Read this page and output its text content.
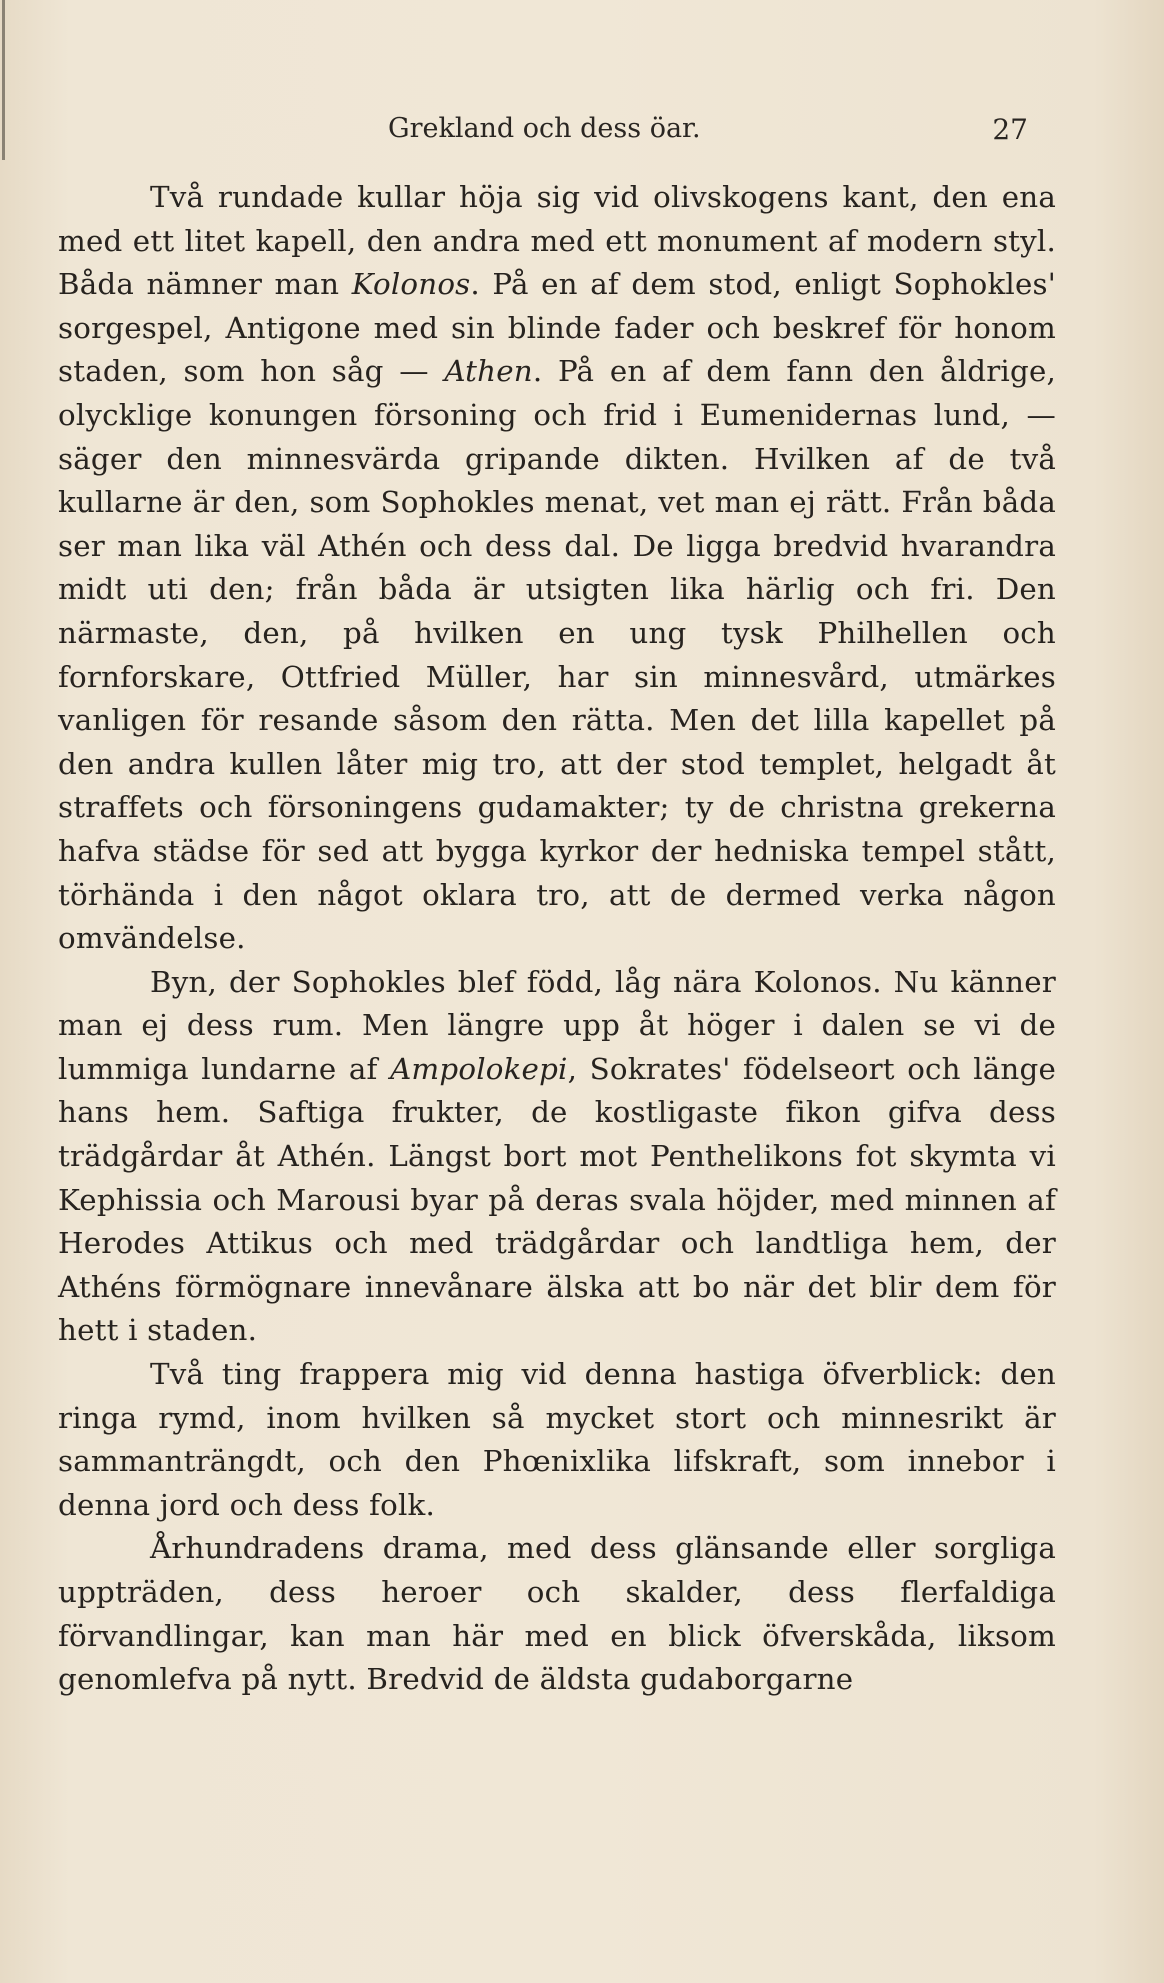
Grekland och dess öar.	27

Två rundade kullar höja sig vid olivskogens kant, den ena med ett litet kapell, den andra med ett monument af modern styl. Båda nämner man Kolonos. På en af dem stod, enligt Sophokles' sorgespel, Antigone med sin blinde fader och beskref för honom staden, som hon såg — Athen. På en af dem fann den åldrige, olycklige konungen försoning och frid i Eumenidernas lund, — säger den minnesvärda gripande dikten. Hvilken af de två kullarne är den, som Sophokles menat, vet man ej rätt. Från båda ser man lika väl Athén och dess dal. De ligga bredvid hvarandra midt uti den; från båda är utsigten lika härlig och fri. Den närmaste, den, på hvilken en ung tysk Philhellen och fornforskare, Ottfried Müller, har sin minnesvård, utmärkes vanligen för resande såsom den rätta. Men det lilla kapellet på den andra kullen låter mig tro, att der stod templet, helgadt åt straffets och försoningens gudamakter; ty de christna grekerna hafva städse för sed att bygga kyrkor der hedniska tempel stått, törhända i den något oklara tro, att de dermed verka någon omvändelse.

Byn, der Sophokles blef född, låg nära Kolonos. Nu känner man ej dess rum. Men längre upp åt höger i dalen se vi de lummiga lundarne af Ampolokepi, Sokrates' födelseort och länge hans hem. Saftiga frukter, de kostligaste fikon gifva dess trädgårdar åt Athén. Längst bort mot Penthelikons fot skymta vi Kephissia och Marousi byar på deras svala höjder, med minnen af Herodes Attikus och med trädgårdar och landtliga hem, der Athéns förmögnare innevånare älska att bo när det blir dem för hett i staden.

Två ting frappera mig vid denna hastiga öfverblick: den ringa rymd, inom hvilken så mycket stort och minnesrikt är sammanträngdt, och den Phœnixlika lifskraft, som innebor i denna jord och dess folk.

Århundradens drama, med dess glänsande eller sorgliga uppträden, dess heroer och skalder, dess flerfaldiga förvandlingar, kan man här med en blick öfverskåda, liksom genomlefva på nytt. Bredvid de äldsta gudaborgarne
